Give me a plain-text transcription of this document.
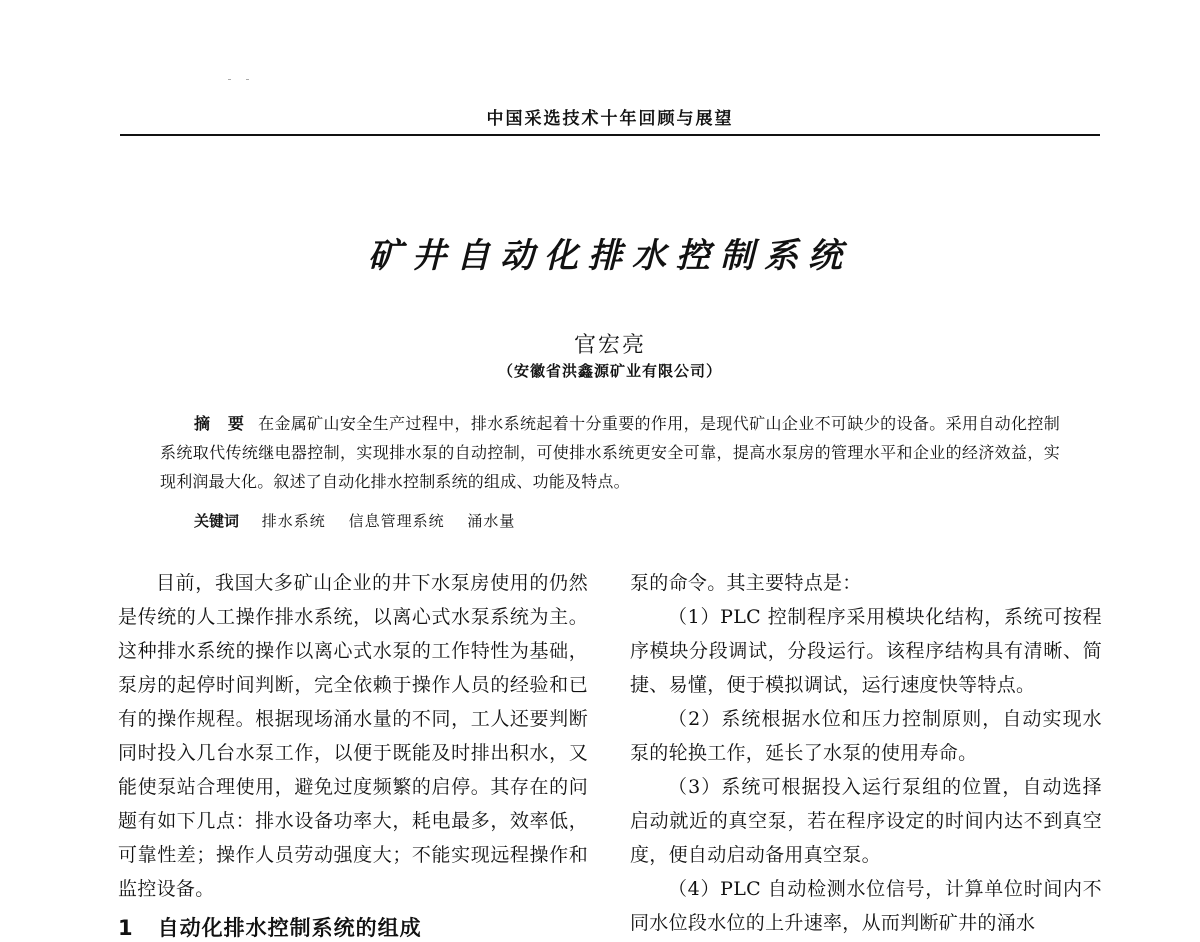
中国采选技术十年回顾与展望
矿井自动化排水控制系统
官宏亮
（安徽省洪鑫源矿业有限公司）
摘 要 在金属矿山安全生产过程中，排水系统起着十分重要的作用，是现代矿山企业不可缺少的设备。采用自动化控制系统取代传统继电器控制，实现排水泵的自动控制，可使排水系统更安全可靠，提高水泵房的管理水平和企业的经济效益，实现利润最大化。叙述了自动化排水控制系统的组成、功能及特点。
关键词 排水系统 信息管理系统 涌水量

目前，我国大多矿山企业的井下水泵房使用的仍然是传统的人工操作排水系统，以离心式水泵系统为主。这种排水系统的操作以离心式水泵的工作特性为基础，泵房的起停时间判断，完全依赖于操作人员的经验和已有的操作规程。根据现场涌水量的不同，工人还要判断同时投入几台水泵工作，以便于既能及时排出积水，又能使泵站合理使用，避免过度频繁的启停。其存在的问题有如下几点：排水设备功率大，耗电最多，效率低，可靠性差；操作人员劳动强度大；不能实现远程操作和监控设备。

1 自动化排水控制系统的组成

泵的命令。其主要特点是：

（1）PLC 控制程序采用模块化结构，系统可按程序模块分段调试，分段运行。该程序结构具有清晰、简捷、易懂，便于模拟调试，运行速度快等特点。

（2）系统根据水位和压力控制原则，自动实现水泵的轮换工作，延长了水泵的使用寿命。

（3）系统可根据投入运行泵组的位置，自动选择启动就近的真空泵，若在程序设定的时间内达不到真空度，便自动启动备用真空泵。

（4）PLC 自动检测水位信号，计算单位时间内不同水位段水位的上升速率，从而判断矿井的涌水
